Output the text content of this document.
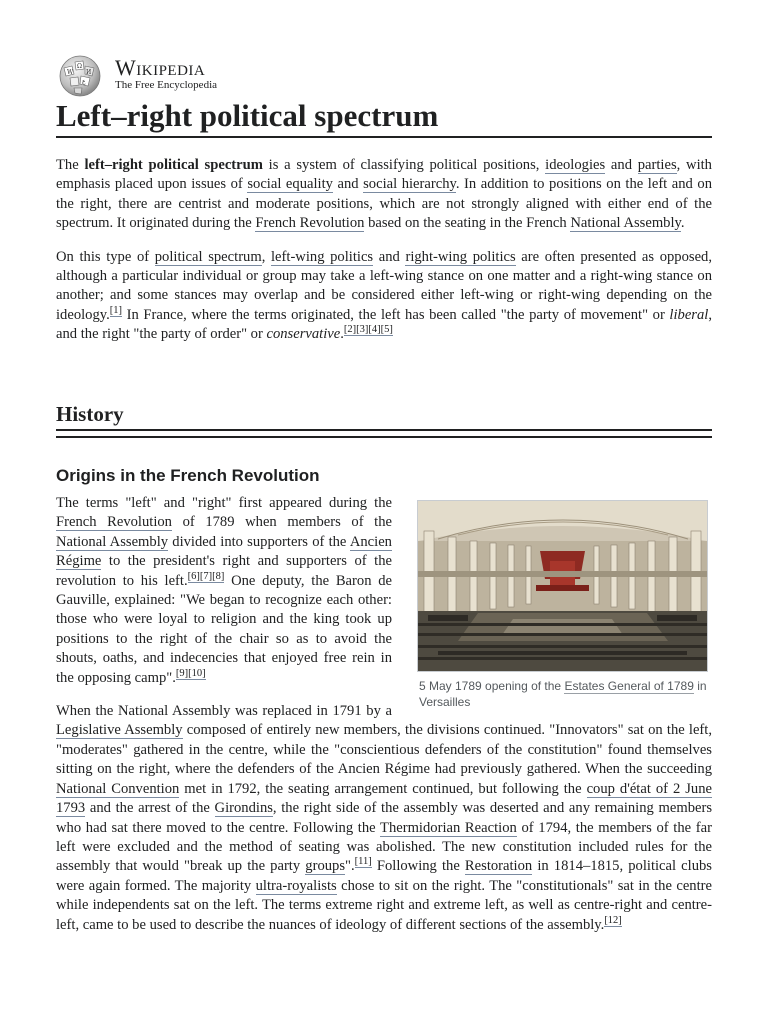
W
Ω
И
ع
Wikipedia
The Free Encyclopedia
Left–right political spectrum

The left–right political spectrum is a system of classifying political positions, ideologies and parties, with emphasis placed upon issues of social equality and social hierarchy. In addition to positions on the left and on the right, there are centrist and moderate positions, which are not strongly aligned with either end of the spectrum. It originated during the French Revolution based on the seating in the French National Assembly.

On this type of political spectrum, left-wing politics and right-wing politics are often presented as opposed, although a particular individual or group may take a left-wing stance on one matter and a right-wing stance on another; and some stances may overlap and be considered either left-wing or right-wing depending on the ideology.[1] In France, where the terms originated, the left has been called "the party of movement" or liberal, and the right "the party of order" or conservative.[2][3][4][5]

History
Origins in the French Revolution
5 May 1789 opening of the Estates General of 1789 in Versailles

The terms "left" and "right" first appeared during the French Revolution of 1789 when members of the National Assembly divided into supporters of the Ancien Régime to the president's right and supporters of the revolution to his left.[6][7][8] One deputy, the Baron de Gauville, explained: "We began to recognize each other: those who were loyal to religion and the king took up positions to the right of the chair so as to avoid the shouts, oaths, and indecencies that enjoyed free rein in the opposing camp".[9][10]

When the National Assembly was replaced in 1791 by a Legislative Assembly composed of entirely new members, the divisions continued. "Innovators" sat on the left, "moderates" gathered in the centre, while the "conscientious defenders of the constitution" found themselves sitting on the right, where the defenders of the Ancien Régime had previously gathered. When the succeeding National Convention met in 1792, the seating arrangement continued, but following the coup d'état of 2 June 1793 and the arrest of the Girondins, the right side of the assembly was deserted and any remaining members who had sat there moved to the centre. Following the Thermidorian Reaction of 1794, the members of the far left were excluded and the method of seating was abolished. The new constitution included rules for the assembly that would "break up the party groups".[11] Following the Restoration in 1814–1815, political clubs were again formed. The majority ultra-royalists chose to sit on the right. The "constitutionals" sat in the centre while independents sat on the left. The terms extreme right and extreme left, as well as centre-right and centre-left, came to be used to describe the nuances of ideology of different sections of the assembly.[12]
